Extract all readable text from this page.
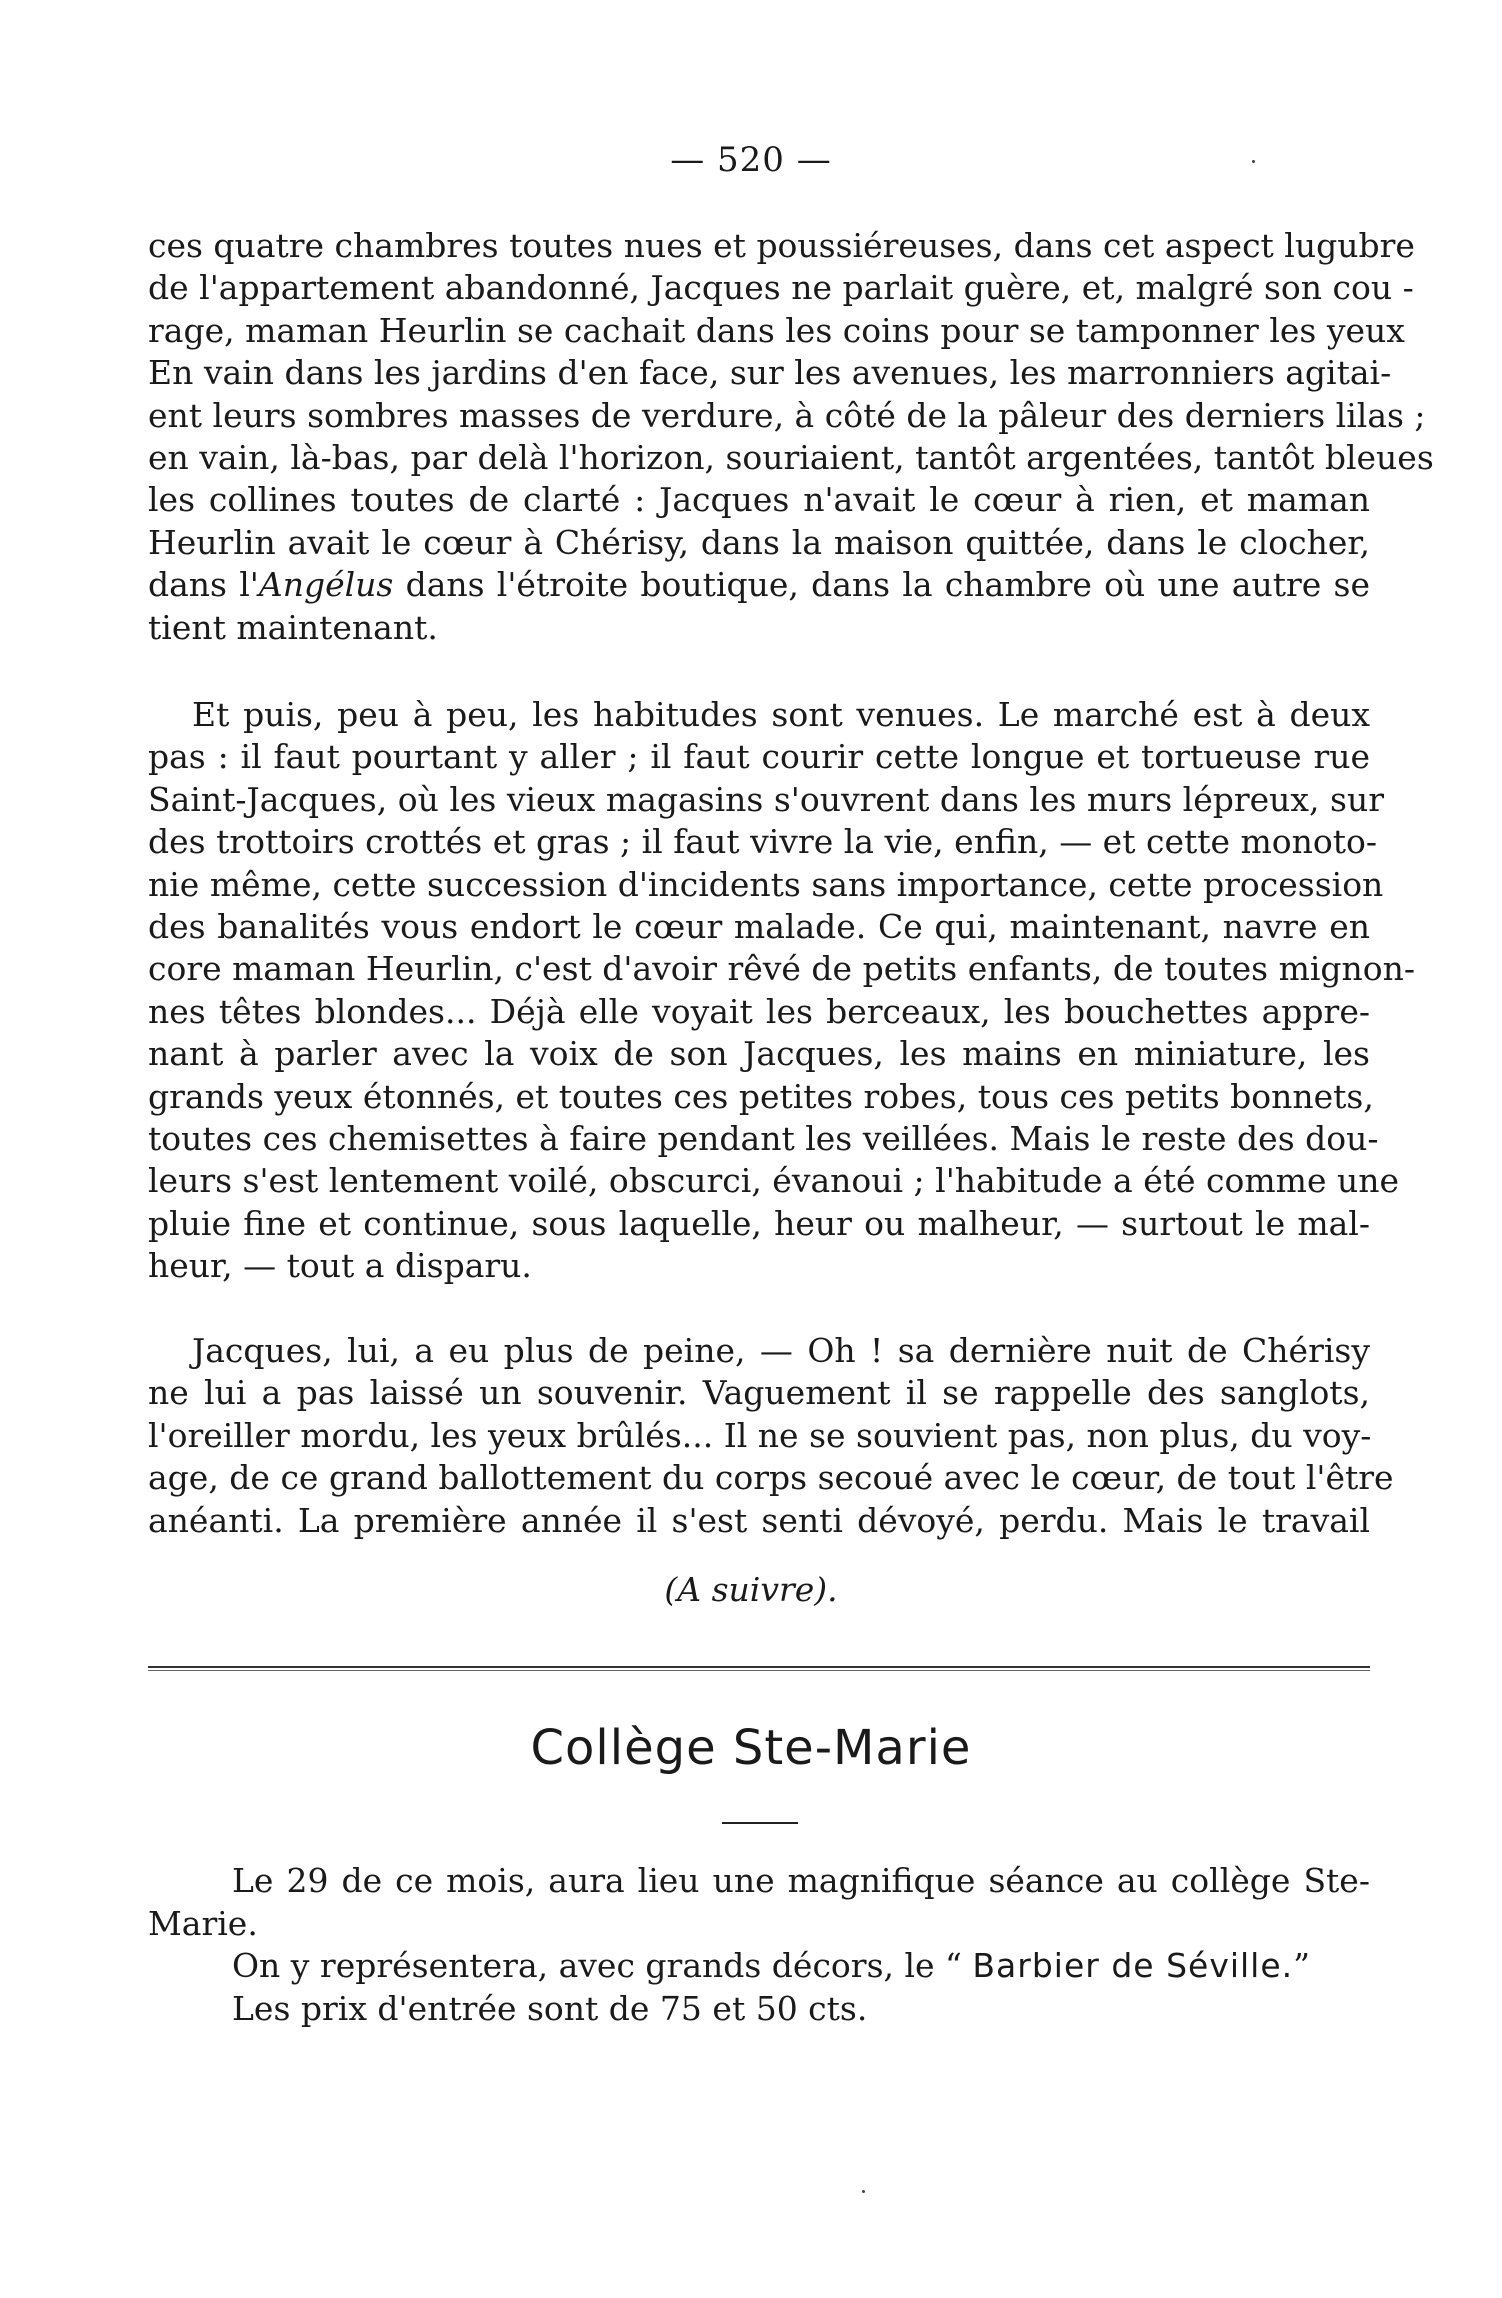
— 520 —
ces quatre chambres toutes nues et poussiéreuses, dans cet aspect lugubre
de l'appartement abandonné, Jacques ne parlait guère, et, malgré son cou -
rage, maman Heurlin se cachait dans les coins pour se tamponner les yeux
En vain dans les jardins d'en face, sur les avenues, les marronniers agitai-
ent leurs sombres masses de verdure, à côté de la pâleur des derniers lilas ;
en vain, là-bas, par delà l'horizon, souriaient, tantôt argentées, tantôt bleues
les collines toutes de clarté : Jacques n'avait le cœur à rien, et maman
Heurlin avait le cœur à Chérisy, dans la maison quittée, dans le clocher,
dans l'Angélus dans l'étroite boutique, dans la chambre où une autre se
tient maintenant.
Et puis, peu à peu, les habitudes sont venues. Le marché est à deux
pas : il faut pourtant y aller ; il faut courir cette longue et tortueuse rue
Saint-Jacques, où les vieux magasins s'ouvrent dans les murs lépreux, sur
des trottoirs crottés et gras ; il faut vivre la vie, enfin, — et cette monoto-
nie même, cette succession d'incidents sans importance, cette procession
des banalités vous endort le cœur malade. Ce qui, maintenant, navre en
core maman Heurlin, c'est d'avoir rêvé de petits enfants, de toutes mignon-
nes têtes blondes... Déjà elle voyait les berceaux, les bouchettes appre-
nant à parler avec la voix de son Jacques, les mains en miniature, les
grands yeux étonnés, et toutes ces petites robes, tous ces petits bonnets,
toutes ces chemisettes à faire pendant les veillées. Mais le reste des dou-
leurs s'est lentement voilé, obscurci, évanoui ; l'habitude a été comme une
pluie fine et continue, sous laquelle, heur ou malheur, — surtout le mal-
heur, — tout a disparu.
Jacques, lui, a eu plus de peine, — Oh ! sa dernière nuit de Chérisy
ne lui a pas laissé un souvenir. Vaguement il se rappelle des sanglots,
l'oreiller mordu, les yeux brûlés... Il ne se souvient pas, non plus, du voy-
age, de ce grand ballottement du corps secoué avec le cœur, de tout l'être
anéanti. La première année il s'est senti dévoyé, perdu. Mais le travail
(A suivre).
Collège Ste-Marie
Le 29 de ce mois, aura lieu une magnifique séance au collège Ste-
Marie.
On y représentera, avec grands décors, le “ Barbier de Séville.”
Les prix d'entrée sont de 75 et 50 cts.
